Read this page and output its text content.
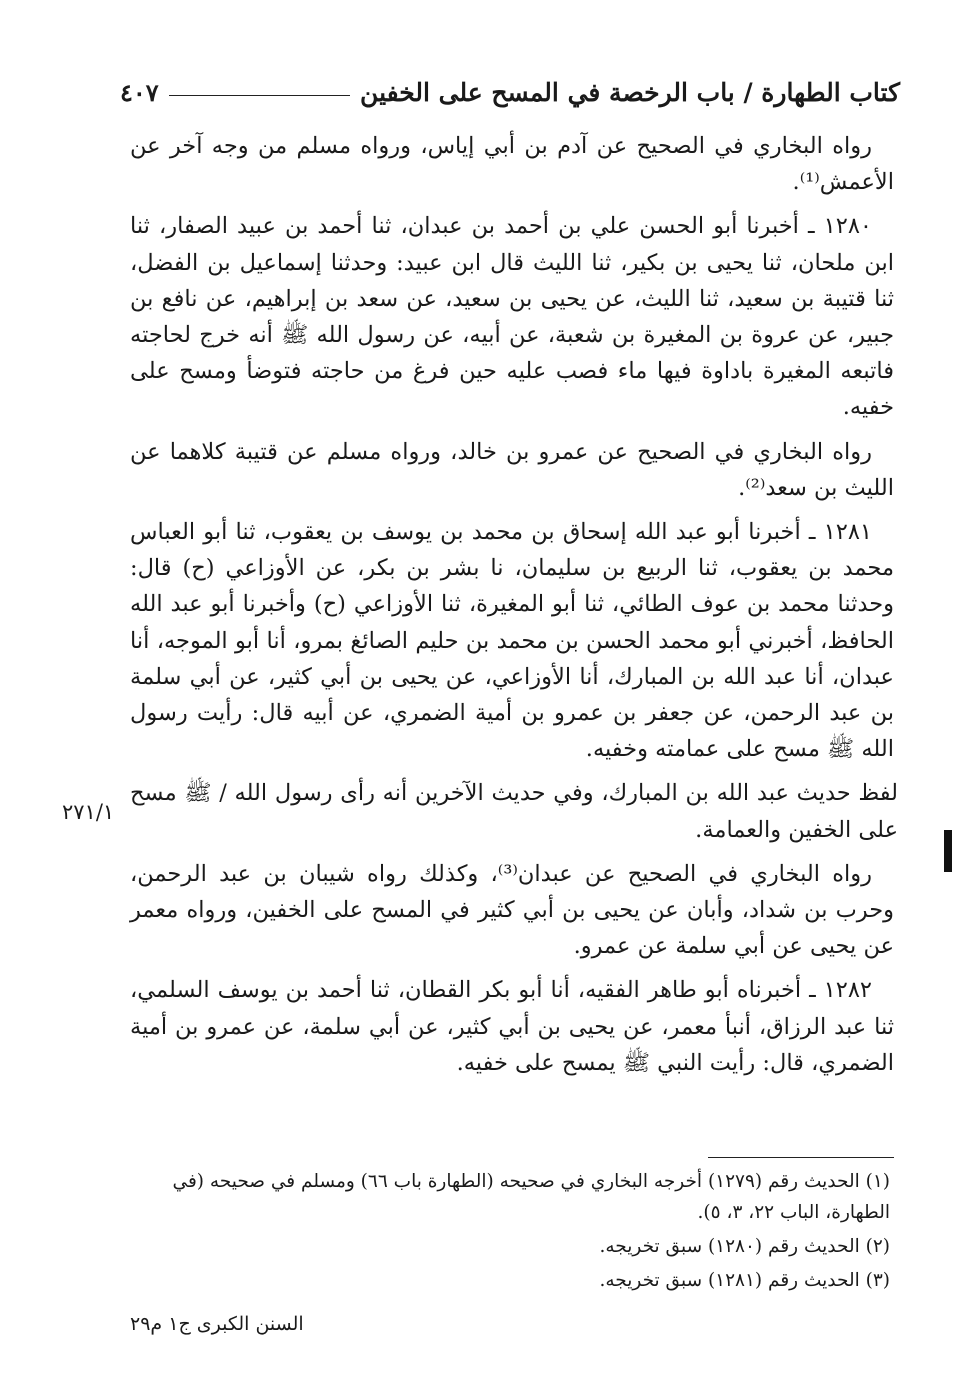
كتاب الطهارة / باب الرخصة في المسح على الخفين
٤٠٧

رواه البخاري في الصحيح عن آدم بن أبي إياس، ورواه مسلم من وجه آخر عن الأعمش⁽¹⁾.

١٢٨٠ ـ أخبرنا أبو الحسن علي بن أحمد بن عبدان، ثنا أحمد بن عبيد الصفار، ثنا ابن ملحان، ثنا يحيى بن بكير، ثنا الليث قال ابن عبيد: وحدثنا إسماعيل بن الفضل، ثنا قتيبة بن سعيد، ثنا الليث، عن يحيى بن سعيد، عن سعد بن إبراهيم، عن نافع بن جبير، عن عروة بن المغيرة بن شعبة، عن أبيه، عن رسول الله ﷺ أنه خرج لحاجته فاتبعه المغيرة باداوة فيها ماء فصب عليه حين فرغ من حاجته فتوضأ ومسح على خفيه.

رواه البخاري في الصحيح عن عمرو بن خالد، ورواه مسلم عن قتيبة كلاهما عن الليث بن سعد⁽²⁾.

١٢٨١ ـ أخبرنا أبو عبد الله إسحاق بن محمد بن يوسف بن يعقوب، ثنا أبو العباس محمد بن يعقوب، ثنا الربيع بن سليمان، نا بشر بن بكر، عن الأوزاعي (ح) قال: وحدثنا محمد بن عوف الطائي، ثنا أبو المغيرة، ثنا الأوزاعي (ح) وأخبرنا أبو عبد الله الحافظ، أخبرني أبو محمد الحسن بن محمد بن حليم الصائغ بمرو، أنا أبو الموجه، أنا عبدان، أنا عبد الله بن المبارك، أنا الأوزاعي، عن يحيى بن أبي كثير، عن أبي سلمة بن عبد الرحمن، عن جعفر بن عمرو بن أمية الضمري، عن أبيه قال: رأيت رسول الله ﷺ مسح على عمامته وخفيه.

لفظ حديث عبد الله بن المبارك، وفي حديث الآخرين أنه رأى رسول الله / ﷺ مسح على الخفين والعمامة.

رواه البخاري في الصحيح عن عبدان⁽³⁾، وكذلك رواه شيبان بن عبد الرحمن، وحرب بن شداد، وأبان عن يحيى بن أبي كثير في المسح على الخفين، ورواه معمر عن يحيى عن أبي سلمة عن عمرو.

١٢٨٢ ـ أخبرناه أبو طاهر الفقيه، أنا أبو بكر القطان، ثنا أحمد بن يوسف السلمي، ثنا عبد الرزاق، أنبأ معمر، عن يحيى بن أبي كثير، عن أبي سلمة، عن عمرو بن أمية الضمري، قال: رأيت النبي ﷺ يمسح على خفيه.

٢٧١/١

(١) الحديث رقم (١٢٧٩) أخرجه البخاري في صحيحه (الطهارة باب ٦٦) ومسلم في صحيحه (في الطهارة، الباب ٢٢، ٣، ٥).

(٢) الحديث رقم (١٢٨٠) سبق تخريجه.

(٣) الحديث رقم (١٢٨١) سبق تخريجه.

السنن الكبرى ج١ م٢٩
